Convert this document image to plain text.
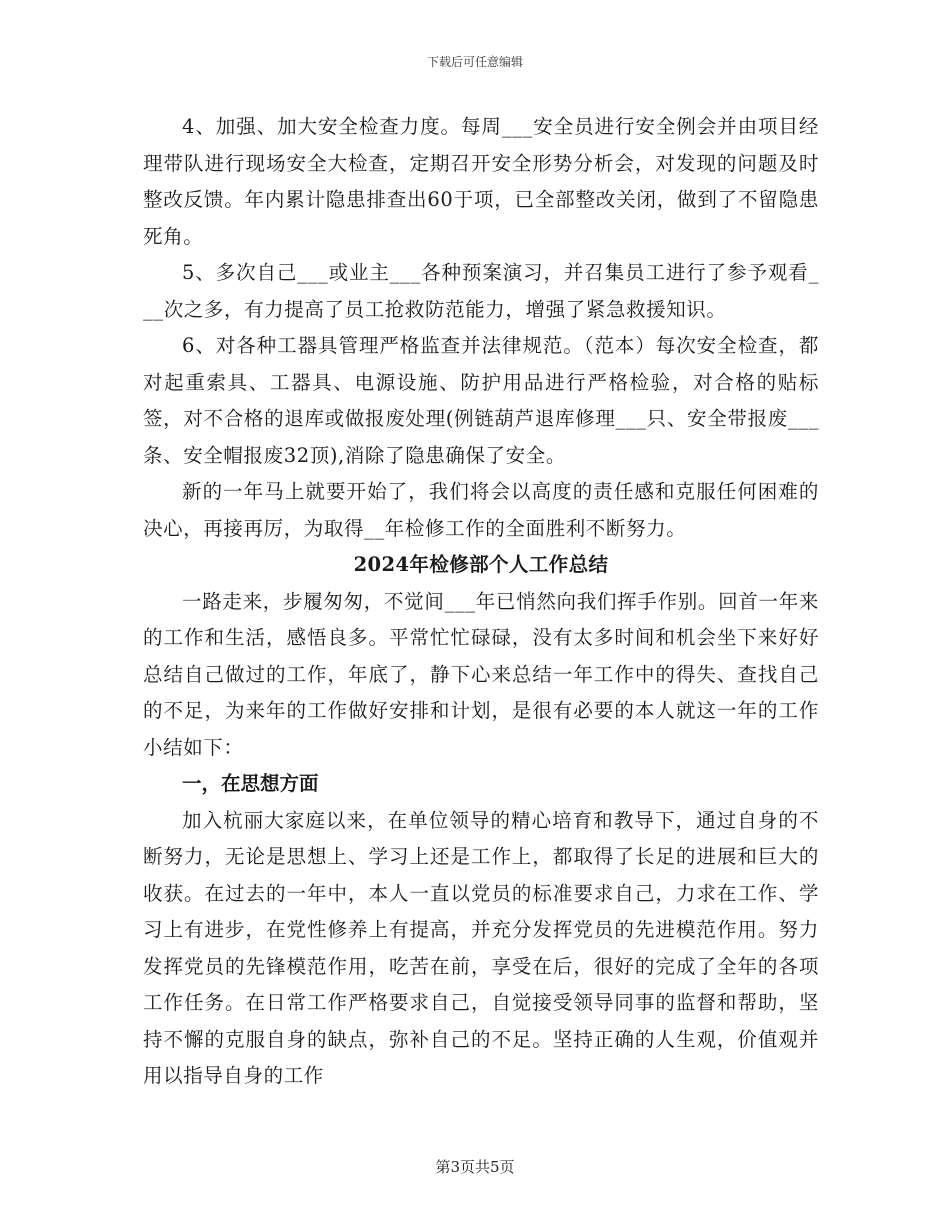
下载后可任意编辑

4、加强、加大安全检查力度。每周___安全员进行安全例会并由项目经理带队进行现场安全大检查，定期召开安全形势分析会，对发现的问题及时整改反馈。年内累计隐患排查出60于项，已全部整改关闭，做到了不留隐患死角。

5、多次自己___或业主___各种预案演习，并召集员工进行了参予观看___次之多，有力提高了员工抢救防范能力，增强了紧急救援知识。

6、对各种工器具管理严格监查并法律规范。（范本）每次安全检查，都对起重索具、工器具、电源设施、防护用品进行严格检验，对合格的贴标签，对不合格的退库或做报废处理(例链葫芦退库修理___只、安全带报废___条、安全帽报废32顶),消除了隐患确保了安全。

新的一年马上就要开始了，我们将会以高度的责任感和克服任何困难的决心，再接再厉，为取得__年检修工作的全面胜利不断努力。

2024年检修部个人工作总结

一路走来，步履匆匆，不觉间___年已悄然向我们挥手作别。回首一年来的工作和生活，感悟良多。平常忙忙碌碌，没有太多时间和机会坐下来好好总结自己做过的工作，年底了，静下心来总结一年工作中的得失、查找自己的不足，为来年的工作做好安排和计划，是很有必要的本人就这一年的工作小结如下：

一，在思想方面

加入杭丽大家庭以来，在单位领导的精心培育和教导下，通过自身的不断努力，无论是思想上、学习上还是工作上，都取得了长足的进展和巨大的收获。在过去的一年中，本人一直以党员的标准要求自己，力求在工作、学习上有进步，在党性修养上有提高，并充分发挥党员的先进模范作用。努力发挥党员的先锋模范作用，吃苦在前，享受在后，很好的完成了全年的各项工作任务。在日常工作严格要求自己，自觉接受领导同事的监督和帮助，坚持不懈的克服自身的缺点，弥补自己的不足。坚持正确的人生观，价值观并用以指导自身的工作

第3页共5页
